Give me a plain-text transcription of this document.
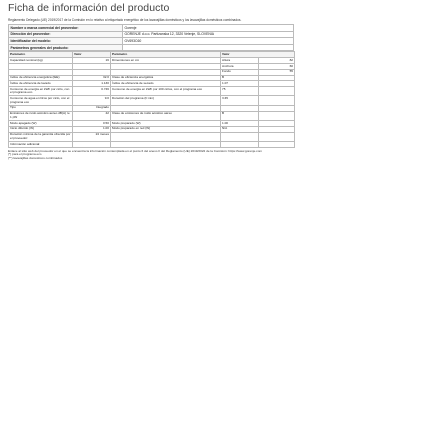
Ficha de información del producto

Reglamento Delegado (UE) 2019/2017 de la Comisión en lo relativo al etiquetado energético de los lavavajillas domésticos y los lavavajillas domésticos combinados.

Nombre o marca comercial del proveedor:	Gorenje
Dirección del proveedor:	GORENJE d.o.o. Partizanska 12, 3320 Velenje, SLOVENIA
Identificador del modelo:	GV693C60
Parámetros generales del producto:	
Parámetro	Valor	Parámetro	Valor	
Capacidad nominal (kg)	16	Dimensiones en cm	Altura	82
			Anchura	60
			Fondo	55
Índice de eficiencia energética (IEE)	32.0	Clase de eficiencia energética	B	
Índice de eficiencia de lavado	1.130	Índice de eficiencia de secado	1.07	
Consumo de energía en kWh por ciclo, con el programa eco	0.746	Consumo de energía en kWh por 100 ciclos, con el programa eco	75	
Consumo de agua en litros por ciclo, con el programa eco	9.0	Duración del programa (h:min)	3:45	
Tipo	Integrado			
Emisiones de ruido acústico aéreo dB(A) re 1 pW	42	Clase de emisiones de ruido acústico aéreo	B	
Modo apagado (W)	0.50	Modo preparado (W)	1.00	
Inicio diferido (W)	1.00	Modo preparado en red (W)	N/A	
Duración mínima de la garantía ofrecida por el proveedor:	24 meses			
Información adicional:				
Enlace al sitio web del proveedor en el que se encuentra la información contemplada en el punto 6 del anexo II del Reglamento (UE) 2019/2022 de la Comisión: https://www.gorenje.com
(*) para el programa eco
(**) lavavajillas domésticos combinados
